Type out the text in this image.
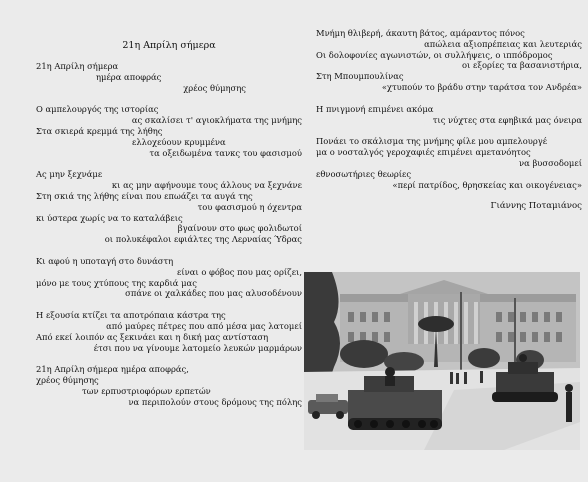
21η Απρίλη σήμερα
21η Απρίλη σήμερα
ημέρα αποφράς
χρέος θύμησης
Ο αμπελουργός της ιστορίας
ας σκαλίσει τ' αγιοκλήματα της μνήμης
Στα σκιερά κρεμμά της λήθης
ελλοχεύουν κρυμμένα
τα οξειδωμένα τανκς του φασισμού
Ας μην ξεχνάμε
κι ας μην αφήνουμε τους άλλους να ξεχνάνε
Στη σκιά της λήθης είναι που επωάζει τα αυγά της
του φασισμού η όχεντρα
κι ύστερα χωρίς να το καταλάβεις
βγαίνουν στο φως φολιδωτοί
οι πολυκέφαλοι εφιάλτες της Λερναίας Ύδρας
Κι αφού η υποταγή στο δυνάστη
είναι ο φόβος που μας ορίζει,
μόνο με τους χτύπους της καρδιά μας
σπάνε οι χαλκάδες που μας αλυσοδένουν
Η εξουσία κτίζει τα αποτρόπαια κάστρα της
από μαύρες πέτρες που από μέσα μας λατομεί
Από εκεί λοιπόν ας ξεκινάει και η δική μας αντίσταση
έτσι που να γίνουμε λατομείο λευκών μαρμάρων
21η Απρίλη σήμερα ημέρα αποφράς,
χρέος θύμησης
των ερπυστριοφόρων ερπετών
να περιπολούν στους δρόμους της πόλης
Μνήμη θλιβερή, άκαυτη βάτος, αμάραντος πόνος
απώλεια αξιοπρέπειας και λευτεριάς
Οι δολοφονίες αγωνιστών, οι συλλήψεις, ο ιππόδρομος
οι εξορίες τα βασανιστήρια,
Στη Μπουμπουλίνας
«χτυπούν το βράδυ στην ταράτσα τον Ανδρέα»
Η πνιγμονή επιμένει ακόμα
τις νύχτες στα εφηβικά μας όνειρα
Πονάει το σκάλισμα της μνήμης φίλε μου αμπελουργέ
μα ο νοσταλγός γεροχαφιές επιμένει αμετανόητος
να βυσσοδομεί
εθνοσωτήριες θεωρίες
«περί πατρίδος, θρησκείας και οικογένειας»
Γιάννης Ποταμιάνος
